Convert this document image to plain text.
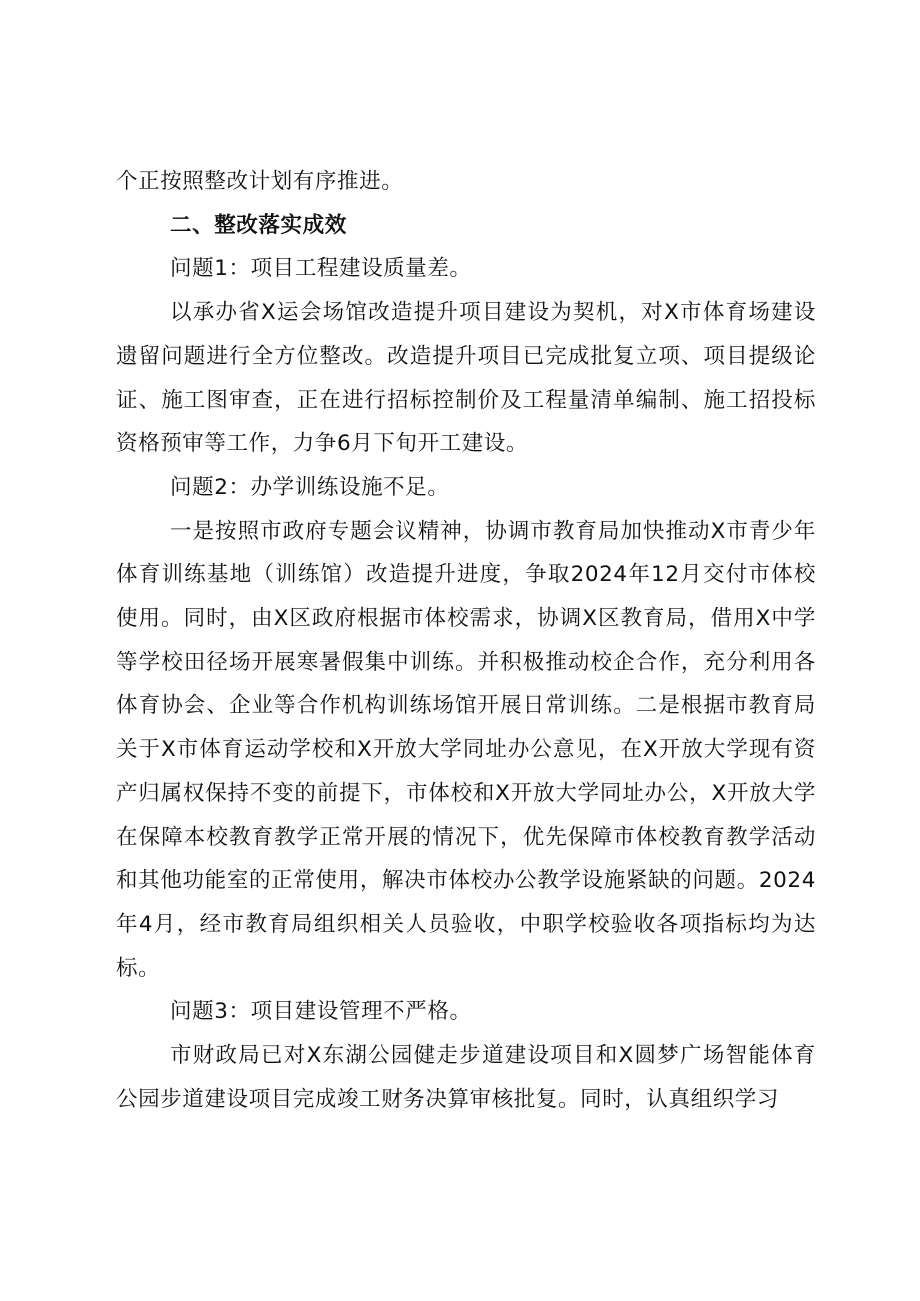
个正按照整改计划有序推进。

二、整改落实成效

问题1：项目工程建设质量差。

以承办省X运会场馆改造提升项目建设为契机，对X市体育场建设遗留问题进行全方位整改。改造提升项目已完成批复立项、项目提级论证、施工图审查，正在进行招标控制价及工程量清单编制、施工招投标资格预审等工作，力争6月下旬开工建设。

问题2：办学训练设施不足。

一是按照市政府专题会议精神，协调市教育局加快推动X市青少年体育训练基地（训练馆）改造提升进度，争取2024年12月交付市体校使用。同时，由X区政府根据市体校需求，协调X区教育局，借用X中学等学校田径场开展寒暑假集中训练。并积极推动校企合作，充分利用各体育协会、企业等合作机构训练场馆开展日常训练。二是根据市教育局关于X市体育运动学校和X开放大学同址办公意见，在X开放大学现有资产归属权保持不变的前提下，市体校和X开放大学同址办公，X开放大学在保障本校教育教学正常开展的情况下，优先保障市体校教育教学活动和其他功能室的正常使用，解决市体校办公教学设施紧缺的问题。2024年4月，经市教育局组织相关人员验收，中职学校验收各项指标均为达标。

问题3：项目建设管理不严格。

市财政局已对X东湖公园健走步道建设项目和X圆梦广场智能体育公园步道建设项目完成竣工财务决算审核批复。同时，认真组织学习
